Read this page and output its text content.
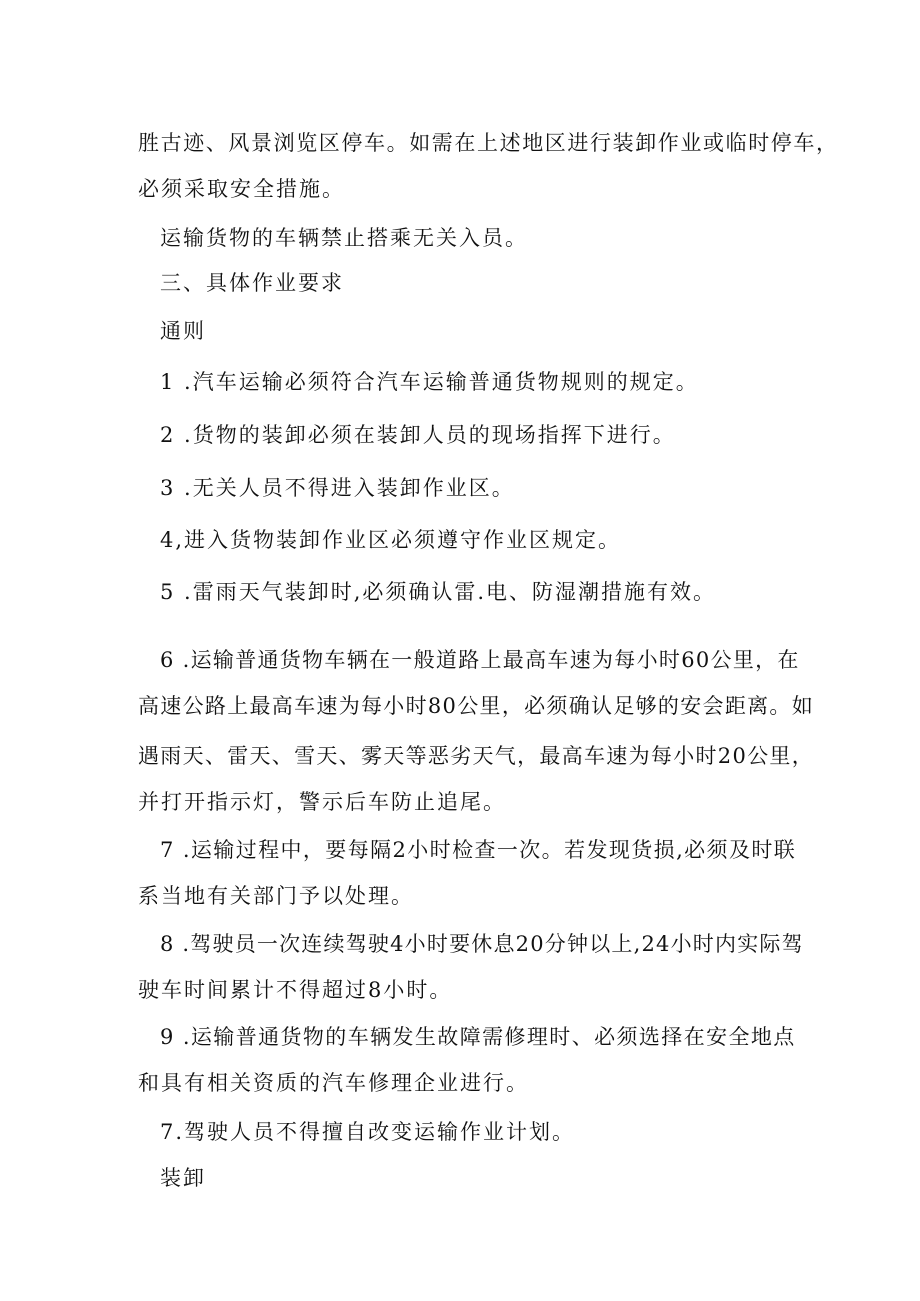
胜古迹、风景浏览区停车。如需在上述地区进行装卸作业或临时停车，
必须采取安全措施。
运输货物的车辆禁止搭乘无关入员。
三、具体作业要求
通则
1 .汽车运输必须符合汽车运输普通货物规则的规定。
2 .货物的装卸必须在装卸人员的现场指挥下进行。
3 .无关人员不得进入装卸作业区。
4,进入货物装卸作业区必须遵守作业区规定。
5 .雷雨天气装卸时,必须确认雷.电、防湿潮措施有效。
6 .运输普通货物车辆在一般道路上最高车速为每小时60公里，在
高速公路上最高车速为每小时80公里，必须确认足够的安会距离。如
遇雨天、雷天、雪天、雾天等恶劣天气，最高车速为每小时20公里，
并打开指示灯，警示后车防止追尾。
7 .运输过程中，要每隔2小时检查一次。若发现货损,必须及时联
系当地有关部门予以处理。
8 .驾驶员一次连续驾驶4小时要休息20分钟以上,24小时内实际驾
驶车时间累计不得超过8小时。
9 .运输普通货物的车辆发生故障需修理时、必须选择在安全地点
和具有相关资质的汽车修理企业进行。
7.驾驶人员不得擅自改变运输作业计划。
装卸
